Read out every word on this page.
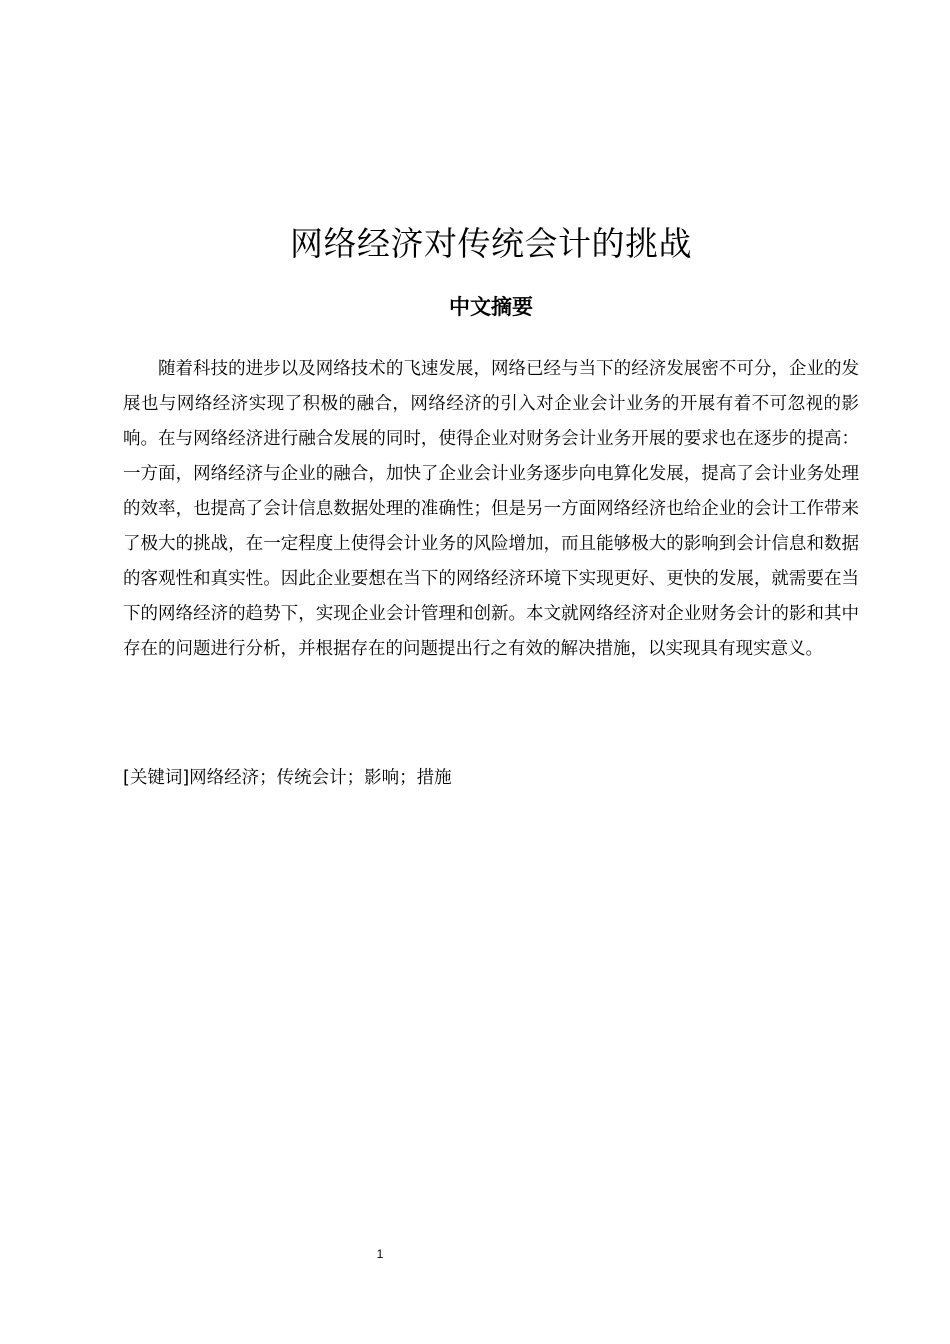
网络经济对传统会计的挑战
中文摘要

随着科技的进步以及网络技术的飞速发展，网络已经与当下的经济发展密不可分，企业的发展也与网络经济实现了积极的融合，网络经济的引入对企业会计业务的开展有着不可忽视的影响。在与网络经济进行融合发展的同时，使得企业对财务会计业务开展的要求也在逐步的提高：一方面，网络经济与企业的融合，加快了企业会计业务逐步向电算化发展，提高了会计业务处理的效率，也提高了会计信息数据处理的准确性；但是另一方面网络经济也给企业的会计工作带来了极大的挑战，在一定程度上使得会计业务的风险增加，而且能够极大的影响到会计信息和数据的客观性和真实性。因此企业要想在当下的网络经济环境下实现更好、更快的发展，就需要在当下的网络经济的趋势下，实现企业会计管理和创新。本文就网络经济对企业财务会计的影和其中存在的问题进行分析，并根据存在的问题提出行之有效的解决措施，以实现具有现实意义。

[关键词]网络经济；传统会计；影响；措施
1
